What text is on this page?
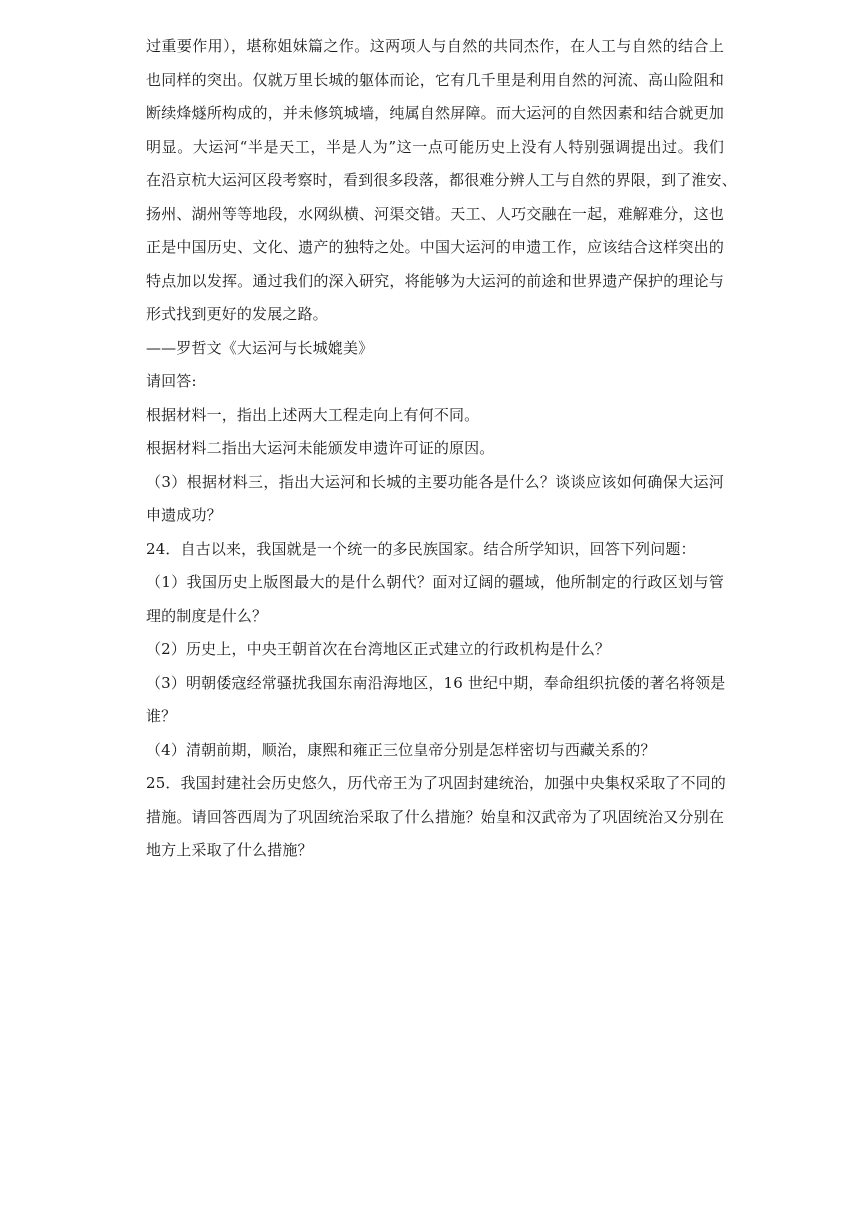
过重要作用），堪称姐妹篇之作。这两项人与自然的共同杰作，在人工与自然的结合上
也同样的突出。仅就万里长城的躯体而论，它有几千里是利用自然的河流、高山险阻和
断续烽燧所构成的，并未修筑城墙，纯属自然屏障。而大运河的自然因素和结合就更加
明显。大运河“半是天工，半是人为”这一点可能历史上没有人特别强调提出过。我们
在沿京杭大运河区段考察时，看到很多段落，都很难分辨人工与自然的界限，到了淮安、
扬州、湖州等等地段，水网纵横、河渠交错。天工、人巧交融在一起，难解难分，这也
正是中国历史、文化、遗产的独特之处。中国大运河的申遗工作，应该结合这样突出的
特点加以发挥。通过我们的深入研究，将能够为大运河的前途和世界遗产保护的理论与
形式找到更好的发展之路。
——罗哲文《大运河与长城媲美》
请回答:
根据材料一，指出上述两大工程走向上有何不同。
根据材料二指出大运河未能颁发申遗许可证的原因。
（3）根据材料三，指出大运河和长城的主要功能各是什么？谈谈应该如何确保大运河
申遗成功？
24．自古以来，我国就是一个统一的多民族国家。结合所学知识，回答下列问题：
（1）我国历史上版图最大的是什么朝代？面对辽阔的疆域，他所制定的行政区划与管
理的制度是什么？
（2）历史上，中央王朝首次在台湾地区正式建立的行政机构是什么？
（3）明朝倭寇经常骚扰我国东南沿海地区，16 世纪中期，奉命组织抗倭的著名将领是
谁？
（4）清朝前期，顺治，康熙和雍正三位皇帝分别是怎样密切与西藏关系的？
25．我国封建社会历史悠久，历代帝王为了巩固封建统治，加强中央集权采取了不同的
措施。请回答西周为了巩固统治采取了什么措施？始皇和汉武帝为了巩固统治又分别在
地方上采取了什么措施？
